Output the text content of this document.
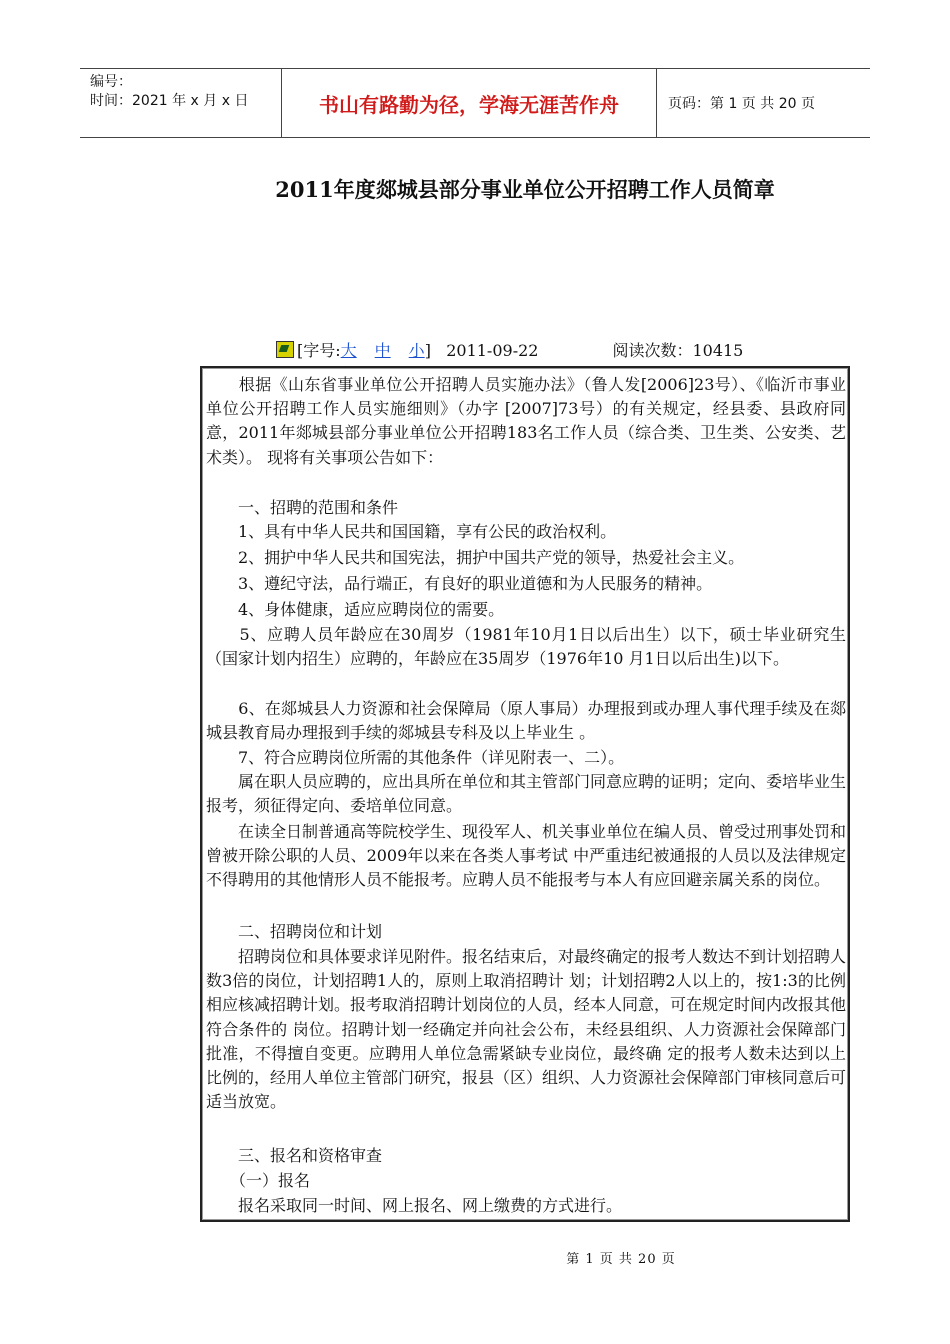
编号：
时间：2021 年 x 月 x 日	书山有路勤为径，学海无涯苦作舟	页码：第 1 页 共 20 页
2011年度郯城县部分事业单位公开招聘工作人员简章
[字号:大 中 小] 2011-09-22	阅读次数：10415

　　根据《山东省事业单位公开招聘人员实施办法》（鲁人发[2006]23号）、《临沂市事业单位公开招聘工作人员实施细则》（办字 [2007]73号）的有关规定，经县委、县政府同意，2011年郯城县部分事业单位公开招聘183名工作人员（综合类、卫生类、公安类、艺术类）。 现将有关事项公告如下：

　　一、招聘的范围和条件

　　1、具有中华人民共和国国籍，享有公民的政治权利。

　　2、拥护中华人民共和国宪法，拥护中国共产党的领导，热爱社会主义。

　　3、遵纪守法，品行端正，有良好的职业道德和为人民服务的精神。

　　4、身体健康，适应应聘岗位的需要。

　　5、应聘人员年龄应在30周岁（1981年10月1日以后出生）以下，硕士毕业研究生（国家计划内招生）应聘的，年龄应在35周岁（1976年10 月1日以后出生)以下。

　　6、在郯城县人力资源和社会保障局（原人事局）办理报到或办理人事代理手续及在郯城县教育局办理报到手续的郯城县专科及以上毕业生 。

　　7、符合应聘岗位所需的其他条件（详见附表一、二）。

　　属在职人员应聘的，应出具所在单位和其主管部门同意应聘的证明；定向、委培毕业生报考，须征得定向、委培单位同意。

　　在读全日制普通高等院校学生、现役军人、机关事业单位在编人员、曾受过刑事处罚和曾被开除公职的人员、2009年以来在各类人事考试 中严重违纪被通报的人员以及法律规定不得聘用的其他情形人员不能报考。应聘人员不能报考与本人有应回避亲属关系的岗位。

　　二、招聘岗位和计划

　　招聘岗位和具体要求详见附件。报名结束后，对最终确定的报考人数达不到计划招聘人数3倍的岗位，计划招聘1人的，原则上取消招聘计 划；计划招聘2人以上的，按1:3的比例相应核减招聘计划。报考取消招聘计划岗位的人员，经本人同意，可在规定时间内改报其他符合条件的 岗位。招聘计划一经确定并向社会公布，未经县组织、人力资源社会保障部门批准，不得擅自变更。应聘用人单位急需紧缺专业岗位，最终确 定的报考人数未达到以上比例的，经用人单位主管部门研究，报县（区）组织、人力资源社会保障部门审核同意后可适当放宽。

　　三、报名和资格审查

　　（一）报名

　　报名采取同一时间、网上报名、网上缴费的方式进行。

第 1 页 共 20 页
